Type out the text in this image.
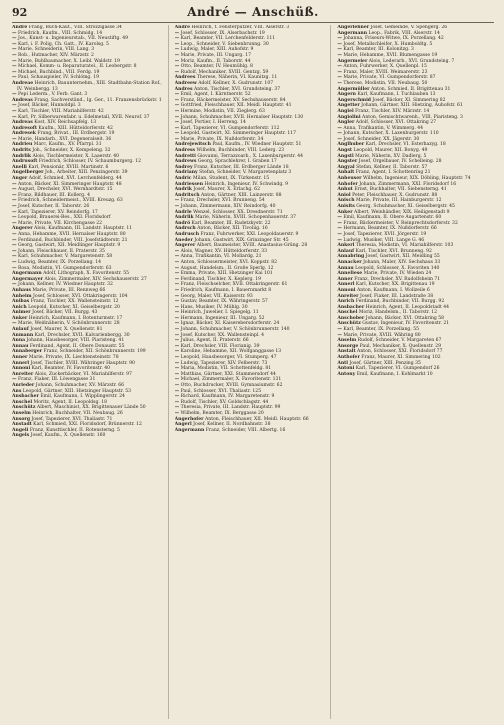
92	André — Anschüß.
André Frang, Buch-Kaut., VIII. Strozzigasse 34
— Friedrich, Kaufm., VIII. Schmidg. 14
— Jos., Kunst- u. Ingenieurstab., VII. Neustiftg. 49
— Karl, i. F. Polig, Ch. Gatt., IV. Karolsg. 5
— Marie, Schneiderin, VIII. Lang. 3
— Rob., Hutmacher, XIV. Märzstr. 2
— Marie, Buhlbaumacher, X. Leibl. Waldstr. 19
— Michael, Komm- u. Reparaturatel., II. Leobergstr. 8
— Michael, Buchbind., VIII. Ferdg. 19
— Paul, Schauspieler, IV. Schlömg. 19
Andreae Heinrich, Bauunternehm., XIII. Stadtbahn-Station Rof., IV. Weinbergg. 13
— Pepi Lederm., V. Ferb. Gant. 3
Andreas Frang, Sachverständ., Ig. Ger., 11. Franzensbrückstr. 1
— Josef, Bäcker, Hunnoldpl. 3
— Karl, Tischler, VIII. Mariahilferstr. 42
— Karl, Pr. Silberwarenfabr. u. Edelmetall, XVII. Neurof. 37
Andreas Kost, XIV. Reichsapfelg. 13
Andresoft Kaufm., XIII. Hütteldorferstr. 42
Andresek Frang, Brivat., III. Erdbergstr. 19
— Marie, Handarb., XVI. Degeneralseit. 36
Andrieu Marc, Kaufm., XV. Pfarrpl. 31
Andrits Joh., Schneider, X. Kempeleng. 32
Andrlik Alois, Tischlermeister, X. Laaerstr. 40
Andrusoft Friedrich, Schlosser, IV. Schaumburgerg. 12
Anelli Karl, Pensionär, XVIII. Martinstr. 6
Angelberger Joh., Arbeiter, XIII. Penzingerstr. 39
Anger Adolf, Schmied, XVI. Lerchenfelderg. 44
— Anton, Bäcker, XI. Simmeringer Hauptstr. 48
— August, Drechsler, XVI. Wernhardtstr. 15
— Franz, Bildhauer, III. Kollerg. 4
— Friedrich, Schneidermeist., XVIII. Kreuzg. 63
— Josef, Kutscher, II. Taborstr. 26
— Karl, Tapezierer, XV. Reindorfg. 17
— Leopold, Brauerei-Bes., XXI. Floridsdorf
— Marie, Private, VII. Kirchengasse 22
Angerer Alois, Kaufmann, III. Landstr. Hauptstr. 11
— Anna, Hebamme, XVII. Hernalser Hauptstr. 80
— Ferdinand, Buchbinder, VIII. Josefstädterstr. 21
— Georg, Gastwirt, XII. Meidlinger Hauptstr. 9
— Johann, Fleischhauer, II. Praterstr. 35
— Karl, Schuhmacher, V. Margaretenstr. 58
— Ludwig, Beamter, IX. Porzellang. 14
— Rosa, Modistin, VI. Gumpendorferstr. 63
Angermann Adolf, Lithograph, X. Favoritenstr. 55
Angermayer Alois, Zimmermaler, XIV. Sechshauserstr. 27
— Johann, Kellner, IV. Wiedner Hauptstr. 32
Anhaus Marie, Private, III. Rennweg 66
Anheim Josef, Schlosser, XVI. Ottakringerstr. 104
Anibas Franz, Tischler, XX. Wallensteinstr. 12
Anich Leopold, Kutscher, XI. Geiselbergstr. 20
Animer Josef, Bäcker, VII. Burgg. 43
Anker Heinrich, Kaufmann, I. Rotenturmstr. 17
— Marie, Weißnäherin, V. Schönbrunnerstr. 28
Anlauf Josef, Maurer, X. Quellenstr. 81
Anmann Karl, Drechsler, XVII. Kalvarienbergg. 30
Anna Johann, Hausbesorger, VIII. Piaristeng. 41
Annau Ferdinand, Agent, II. Obere Donaustr. 55
Annaberger Franz, Schneider, XII. Schönbrunnerstr. 199
Anner Marie, Private, IX. Liechtensteinstr. 78
Annerl Josef, Tischler, XVIII. Währinger Hauptstr. 90
Annoni Karl, Beamter, IV. Favoritenstr. 40
Anreiter Alois, Zuckerbäcker, VI. Mariahilferstr. 97
— Franz, Fiaker, III. Löwengasse 31
Anrieder Johann, Schuhmacher, XV. Märzstr. 66
Ans Leopold, Gärtner, XIII. Hietzinger Hauptstr. 53
Ansbacher Emil, Kaufmann, I. Wipplingerstr. 24
Anschel Moritz, Agent, II. Leopoldsg. 18
Anschütz Albert, Maschinist, XX. Brigittenauer Lände 50
Anselm Heinrich, Buchhalter, VII. Neubaug. 26
Ansorg Josef, Tapezierer, XVI. Thaliastr. 71
Anstadt Karl, Schmied, XXI. Floridsdorf, Brünnerstr. 12
Angeli Franz, Kunsttischler, II. Rotensterng. 5
Angels Josef, Kaufm., X. Quellenstr. 160
André Heinrich, t. Fensterputzer, VIII. Alserstr. 3
— Josef, Schlosser, IX. Alserbachstr. 19
— Karl, Beamter, VII. Lerchenfelderstr. 111
— Leop., Schneider, V. Siebenbrunng. 30
— Ludwig, Maler, XIII. Auhofstr. 9
— Marie, Private, III. Ungarg. 17
— Moriz, Kaufm., II. Taborstr. 44
— Otto, Beamter, IV. Heumühlg. 8
— Rudolf, Mechaniker, XVIII. Gentzg. 59
Andrees Therese, Näherin, VI. Kaunitzg. 11
Andreew Adolf, Kellner, X. Gudrunstr. 107
Andres Anton, Tischler, XVI. Grundsteing. 37
— Emil, Agent, I. Kärntnerstr. 52
— Franz, Bäckermeister, XV. Sechshauserstr. 84
— Gottfried, Fleischhauer, XII. Meidl. Hauptstr. 41
— Hermine, Modistin, VII. Zieglerg. 63
— Johann, Schuhmacher, XVII. Hernalser Hauptstr. 130
— Josef, Portier, I. Herreng. 14
— Karl, Tapezierer, VI. Gumpendorferstr. 112
— Leopold, Gastwirt, XI. Simmeringer Hauptstr. 117
— Marie, Private, IX. Nußdorferstr. 34
Andrejewitsch Paul, Kaufm., IV. Wiedner Hauptstr. 51
Andress Wilhelm, Buchbinder, VIII. Lederg. 23
Andretti Giovanni, Terrazzoarb., X. Laxenburgerstr. 44
Andrews Georg, Sprachlehrer, I. Graben 17
Andrey Franz, Kutscher, III. Erdberger Lände 18
Andriany Stefan, Schneider, V. Margaretenplatz 3
Andric Milan, Student, IX. Türkenstr. 15
Andriessen Heinrich, Ingenieur, IV. Schwindg. 9
Andrik Josef, Maurer, X. Erlachg. 62
Andritsch Anton, Gärtner, XIII. Lainzerstr. 88
— Franz, Drechsler, XVI. Brunneng. 54
— Johann, Zimmermann, XIV. Reindorfg. 40
Andrle Wenzel, Schlosser, XX. Dresdnerstr. 71
Andrlik Marie, Näherin, XVIII. Schopenhauerstr. 37
Andrö Karl, Beamter, III. Radetzkystr. 22
Andrsch Anton, Bäcker, XII. Tivoliig. 16
Andrusch Franz, Fuhrwerker, XXI. Leopoldauerstr. 9
Aneder Johann, Gastwirt, XIX. Grinzinger Str. 45
Angerer Albert, Baumeister, XVIII. Anastasius-Grüng. 28
— Alois, Wagner, XV. Hütteldorferstr. 33
— Anna, Trafikantin, VI. Mollardg. 21
— Anton, Schlossermeister, XVI. Koppstr. 82
— August, Handelsm., II. Große Sperlg. 12
— Emma, Private, XIII. Hietzinger Kai 101
— Ferdinand, Tischler, X. Keplerg. 19
— Franz, Fleischselcher, XVII. Ottakringerstr. 61
— Friedrich, Kaufmann, I. Bauernmarkt 8
— Georg, Maler, VII. Kaiserstr. 93
— Gustav, Beamter, IX. Währingerstr. 57
— Hans, Musiker, IV. Mühlg. 30
— Heinrich, Juwelier, I. Spiegelg. 11
— Hermann, Ingenieur, III. Ungarg. 52
— Ignaz, Bäcker, XI. Kaiserebersdorferstr. 24
— Johann, Schuhmacher, V. Schönbrunnerstr. 140
— Josef, Kutscher, XX. Wallensteinpl. 4
— Julius, Agent, II. Praterstr. 66
— Karl, Drechsler, VIII. Florianig. 39
— Karoline, Hebamme, XII. Wolfganggasse 13
— Leopold, Hausbesorger, VI. Stumperg. 47
— Ludwig, Tapezierer, XIV. Felberstr. 73
— Maria, Modistin, VII. Schottenfeldg. 81
— Matthias, Gärtner, XXI. Stammersdorf 44
— Michael, Zimmermaler, X. Favoritenstr. 131
— Otto, Buchdrucker, XVIII. Gymnasiumstr. 62
— Paul, Schlosser, XVI. Thaliastr. 125
— Richard, Kaufmann, IV. Margaretenstr. 9
— Rudolf, Tischler, XV. Goldschlagstr. 44
— Theresia, Private, III. Landstr. Hauptstr. 99
— Wilhelm, Beamter, IX. Berggasse 20
Angerhofer Anton, Fleischhauer, XII. Meidl. Hauptstr. 66
Angerl Josef, Kellner, II. Nordbahnstr. 38
Angermann Franz, Schneider, VIII. Albertg. 16
Angerlehner Josef, Gemeinde, V. Spengerg. 26
Angermann Leop., Fabrik, VIII. Alserstr. 14
— Johanna, Friseurs-Witwe, IX. Porzellang. 42
— Josef, Metallschleifer, X. Humboldtg. 5
— Karl, Beamter, III. Kolonitzg. 3
— Marie, Hebamme, XVII. Blumengasse 19
Angermeier Alois, Lederarb., XVI. Grundsteing. 7
— Anton, Fuhrwerker, X. Quellenpl. 15
— Franz, Maler, XVIII. Weimarerstr. 23
— Marie, Private, VI. Gumpendorferstr. 87
— Therese, Modistin, VII. Neubaug. 50
Angermüller Anton, Schmied, II. Brigittenau 31
Angern Karl, Kaufmann, I. Tuchlauben 13
Angerschmid Josef, Bäcker, XI. Simmering 82
Angetter Johann, Gärtner, XIII. Hietzing, Auhofstr. 61
Angiel Franz, Tischler, XIV. Märzstr. 14
Angiolini Anton, Gemischtwarenh., VIII. Piaristeng. 3
Angler Adolf, Schlosser, XVI. Ottakring 27
— Anna, Trafikantin, V. Wimmerg. 44
— Johann, Kutscher, X. Laxenburgerstr. 110
— Josef, Schneider, XX. Jägerstr. 30
Anglhuber Karl, Drechsler, VI. Esterhazyg. 18
Angst Leopold, Maurer, XII. Bonyg. 49
Angstl Marie, Näherin, XV. Dadlerg. 5
Angster Josef, Orgelbauer, IV. Schelleing. 28
Angyal Stefan, Kellner, II. Taborstr. 57
Anhalt Franz, Agent, I. Schottenring 21
Anheuser Wilhelm, Ingenieur, XIX. Döbling, Hauptstr. 74
Anhofer Johann, Zimmermann, XXI. Floridsdorf 16
Anhut Ernst, Buchhalter, VII. Siebensterng. 41
Aniol Peter, Fleischhauer, X. Gudrunstr. 88
Anisch Marie, Private, III. Hainburgerstr. 12
Anisits Georg, Schuhmacher, XI. Geiselbergstr. 45
Anker Albert, Weinhändler, XIX. Heiligenstadt 9
— Emil, Kaufmann, II. Obere Augartenstr. 60
— Franz, Bäckermeister, V. Reinprechtsdorferstr. 32
— Hermann, Beamter, IX. Nußdorferstr. 66
— Josef, Tapezierer, XVII. Jörgerstr. 19
— Ludwig, Musiker, VIII. Lange G. 46
Ankerl Theresia, Modistin, VI. Mariahilferstr. 103
Anlauf Karl, Tischler, XVI. Brunneng. 92
Annabring Josef, Gastwirt, XII. Meidling 55
Annacker Johann, Maler, XIV. Sechshaus 33
Annau Leopold, Schlosser, X. Favoriten 140
Anneliese Marie, Private, IV. Wieden 24
Anner Franz, Drechsler, XV. Rudolfsheim 71
Annerl Karl, Kutscher, XX. Brigittenau 19
Annoni Anton, Kaufmann, I. Wollzeile 6
Anreiter Josef, Fiaker, III. Landstraße 38
Anrich Ferdinand, Buchbinder, VII. Burgg. 92
Ansbacher Heinrich, Agent, II. Leopoldstadt 44
Anschel Moriz, Handelsm., II. Taborstr. 12
Anschober Johann, Bäcker, XVI. Ottakring 58
Anschütz Gustav, Ingenieur, IV. Favoritenstr. 21
— Karl, Beamter, IX. Porzellang. 55
— Marie, Private, XVIII. Währing 80
Anselm Rudolf, Schneider, V. Margareten 67
Ansorge Paul, Mechaniker, X. Quellenstr. 29
Anstalt Anton, Schlosser, XXI. Floridsdorf 77
Anthofer Franz, Maurer, XI. Simmering 102
Antl Josef, Gärtner, XIII. Penzing 35
Antoni Karl, Tapezierer, VI. Gumpendorf 26
Antony Emil, Kaufmann, I. Kohlmarkt 10
